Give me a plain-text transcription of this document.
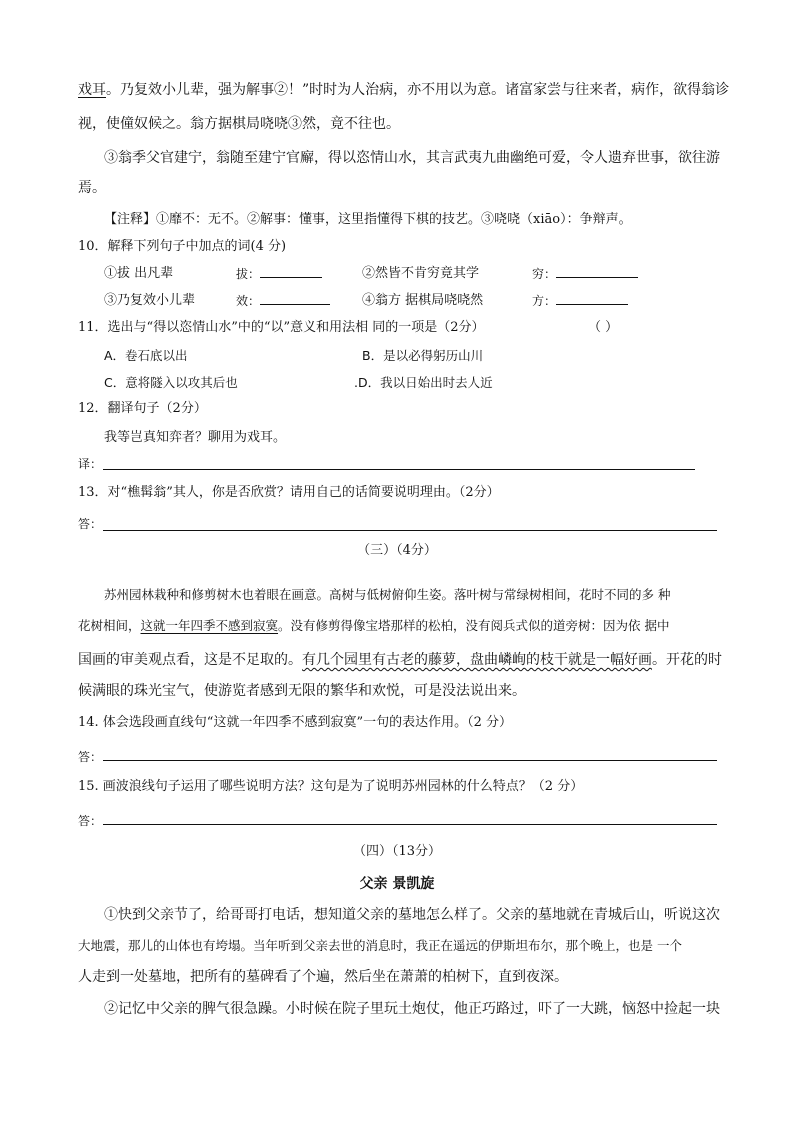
戏耳。乃复效小儿辈，强为解事②！”时时为人治病，亦不用以为意。诸富家尝与往来者，病作，欲得翁诊
视，使僮奴候之。翁方据棋局哓哓③然，竟不往也。
③翁季父官建宁，翁随至建宁官廨，得以恣情山水，其言武夷九曲幽绝可爱，令人遗弃世事，欲往游
焉。
【注释】①靡不：无不。②解事：懂事，这里指懂得下棋的技艺。③哓哓（xiāo）：争辩声。
10．解释下列句子中加点的词(4 分)
①拔 出凡辈	拔：	②然皆不肯穷竟其学	穷：
③乃复效小儿辈	效：	④翁方 据棋局哓哓然	方：
11．选出与“得以恣情山水”中的“以”意义和用法相 同的一项是（2分）	（ ）
A．卷石底以出	B．是以必得躬历山川
C．意将隧入以攻其后也	.D．我以日始出时去人近
12．翻译句子（2分）
我等岂真知弈者？聊用为戏耳。
译：
13．对“樵髯翁”其人，你是否欣赏？请用自己的话简要说明理由。（2分）
答：
（三）（4分）
苏州园林栽种和修剪树木也着眼在画意。高树与低树俯仰生姿。落叶树与常绿树相间，花时不同的多 种
花树相间，这就一年四季不感到寂寞。没有修剪得像宝塔那样的松柏，没有阅兵式似的道旁树：因为依 据中
国画的审美观点看，这是不足取的。有几个园里有古老的藤萝，盘曲嶙峋的枝干就是一幅好画。开花的时
候满眼的珠光宝气，使游览者感到无限的繁华和欢悦，可是没法说出来。
14. 体会选段画直线句“这就一年四季不感到寂寞”一句的表达作用。（2 分）
答：
15. 画波浪线句子运用了哪些说明方法？这句是为了说明苏州园林的什么特点？（2 分）
答：
（四）（13分）
父亲 景凯旋
①快到父亲节了，给哥哥打电话，想知道父亲的墓地怎么样了。父亲的墓地就在青城后山，听说这次
大地震，那儿的山体也有垮塌。当年听到父亲去世的消息时，我正在遥远的伊斯坦布尔，那个晚上，也是 一个
人走到一处墓地，把所有的墓碑看了个遍，然后坐在萧萧的柏树下，直到夜深。
②记忆中父亲的脾气很急躁。小时候在院子里玩土炮仗，他正巧路过，吓了一大跳，恼怒中捡起一块
